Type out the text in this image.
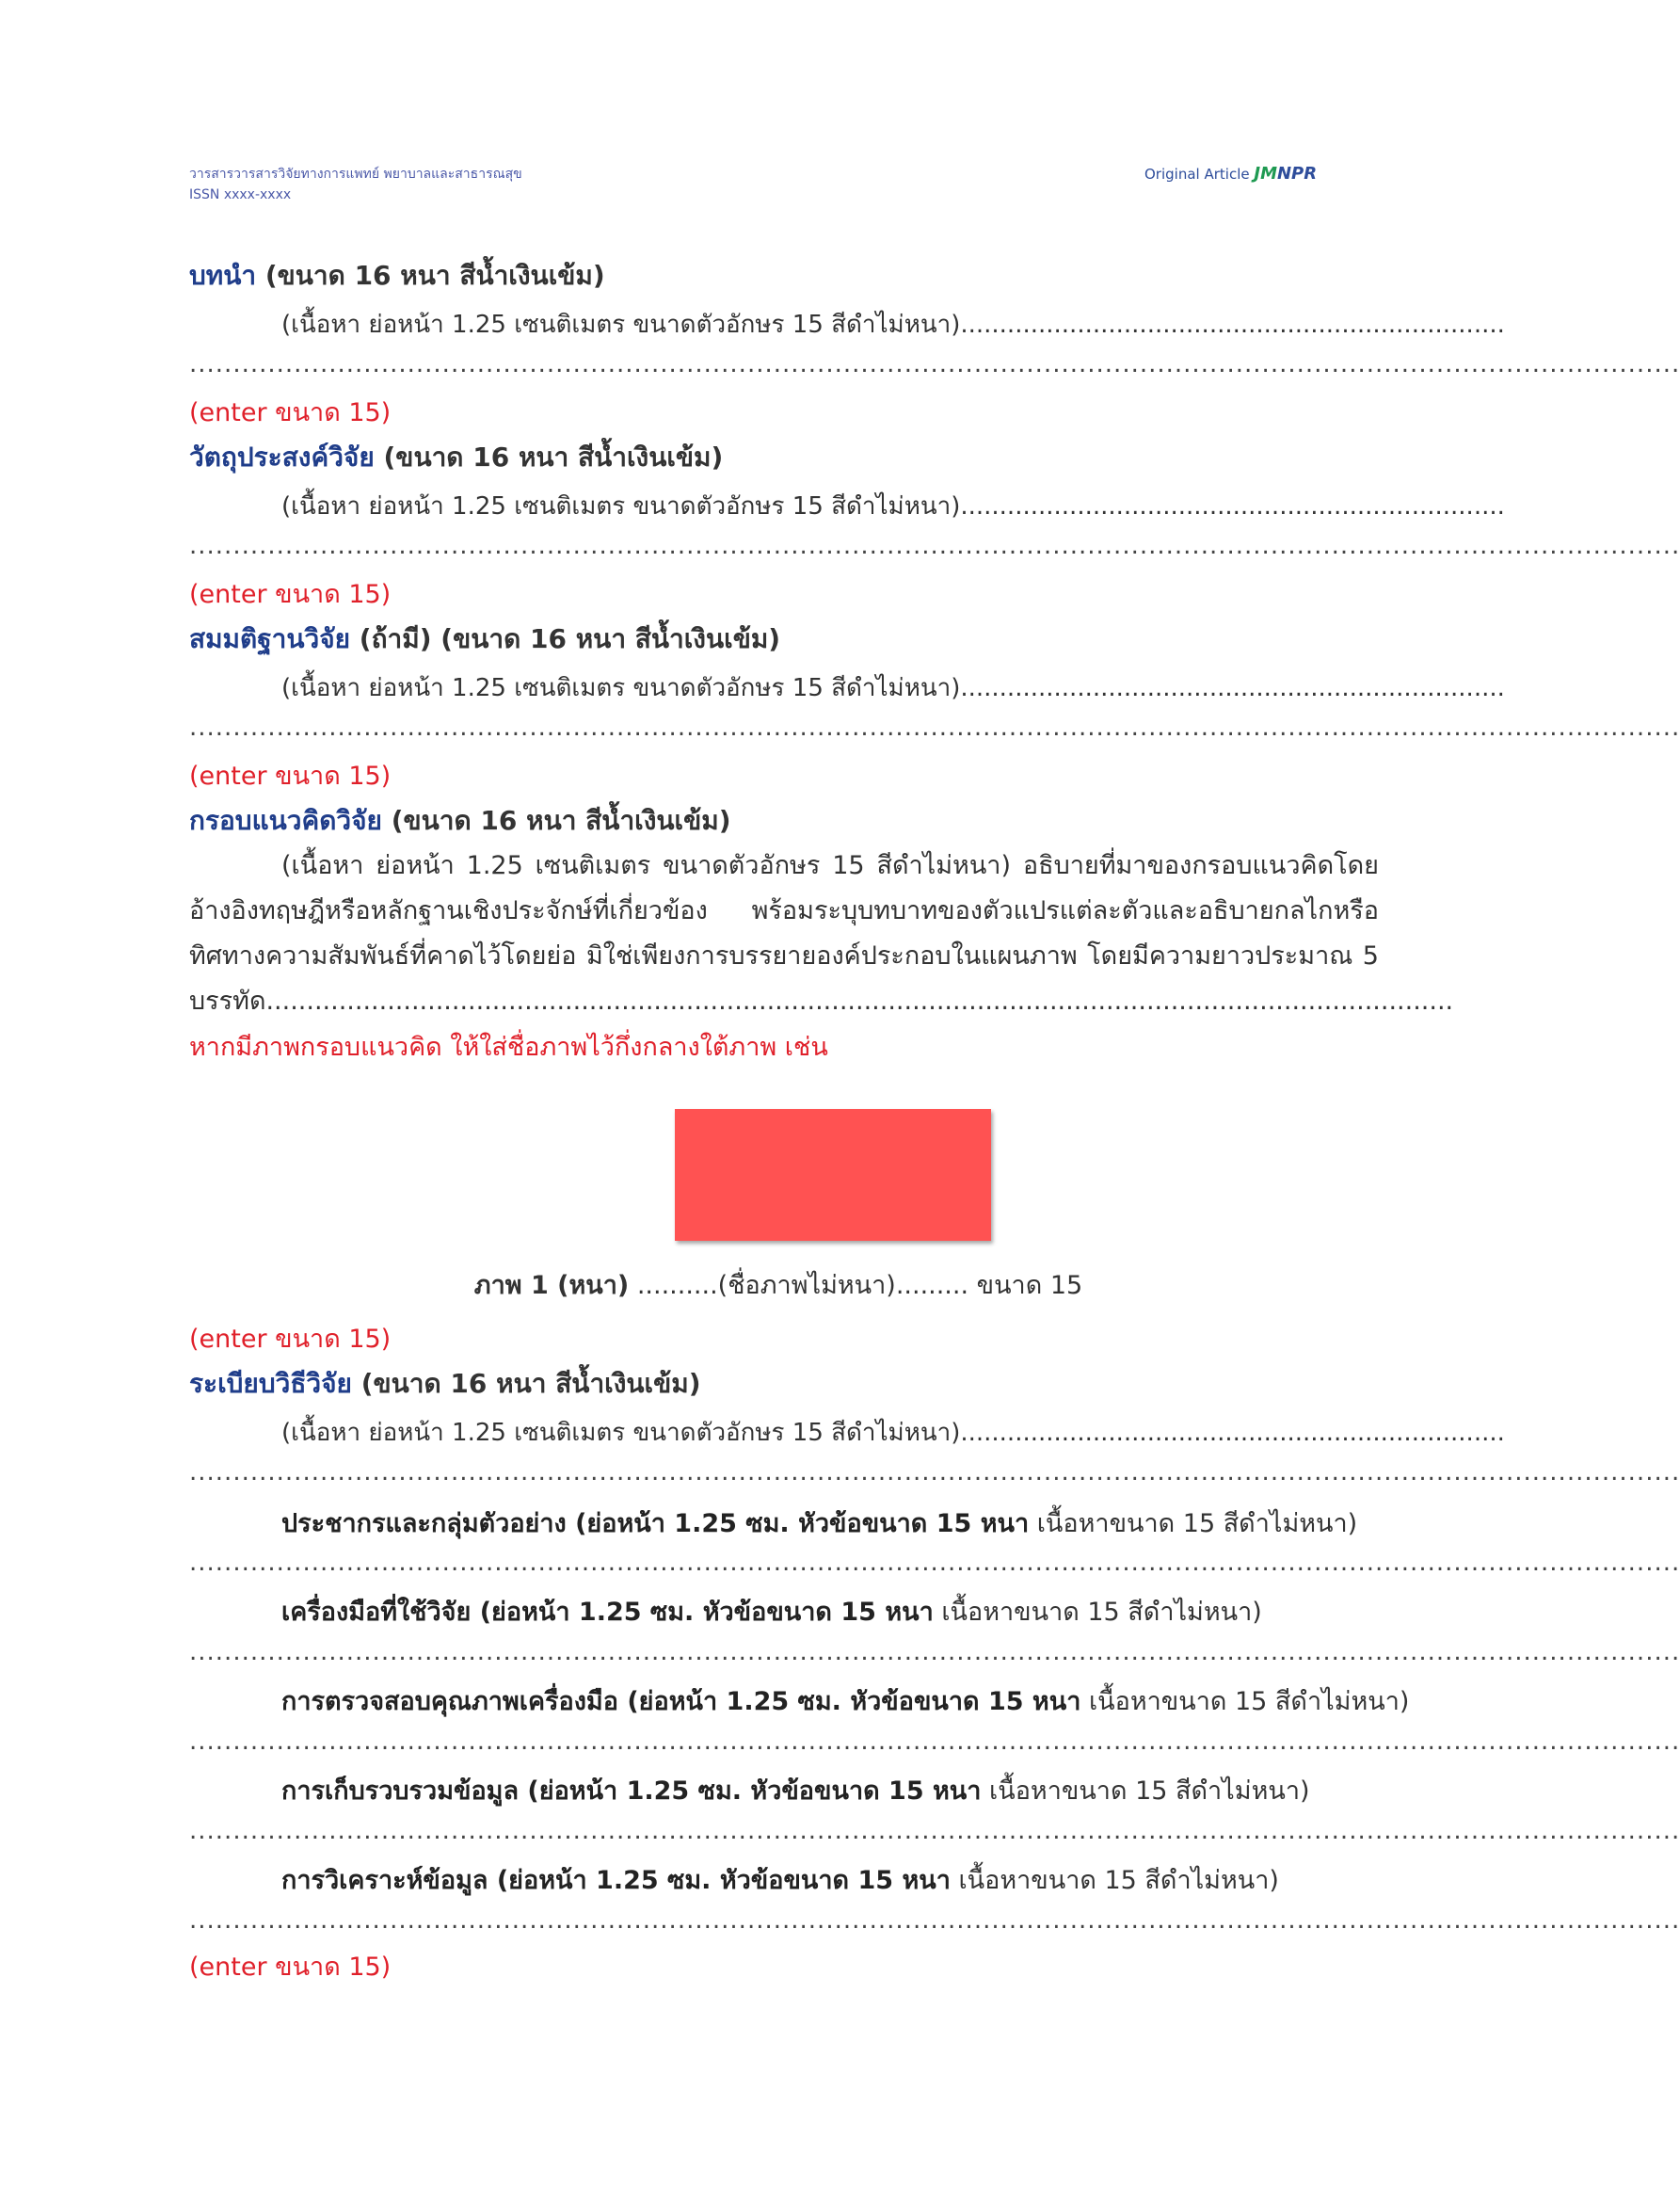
วารสารวารสารวิจัยทางการแพทย์ พยาบาลและสาธารณสุข
ISSN xxxx-xxxx
Original Article JMNPR
บทนำ (ขนาด 16 หนา สีน้ำเงินเข้ม)
(เนื้อหา ย่อหน้า 1.25 เซนติเมตร ขนาดตัวอักษร 15 สีดำไม่หนา)......................................................................
...........................................................................................................................................................................
(enter ขนาด 15)
วัตถุประสงค์วิจัย (ขนาด 16 หนา สีน้ำเงินเข้ม)
(เนื้อหา ย่อหน้า 1.25 เซนติเมตร ขนาดตัวอักษร 15 สีดำไม่หนา)......................................................................
...........................................................................................................................................................................
(enter ขนาด 15)
สมมติฐานวิจัย (ถ้ามี) (ขนาด 16 หนา สีน้ำเงินเข้ม)
(เนื้อหา ย่อหน้า 1.25 เซนติเมตร ขนาดตัวอักษร 15 สีดำไม่หนา)......................................................................
...........................................................................................................................................................................
(enter ขนาด 15)
กรอบแนวคิดวิจัย (ขนาด 16 หนา สีน้ำเงินเข้ม)
(เนื้อหา ย่อหน้า 1.25 เซนติเมตร ขนาดตัวอักษร 15 สีดำไม่หนา) อธิบายที่มาของกรอบแนวคิดโดยอ้างอิงทฤษฎีหรือหลักฐานเชิงประจักษ์ที่เกี่ยวข้อง พร้อมระบุบทบาทของตัวแปรแต่ละตัวและอธิบายกลไกหรือทิศทางความสัมพันธ์ที่คาดไว้โดยย่อ มิใช่เพียงการบรรยายองค์ประกอบในแผนภาพ โดยมีความยาวประมาณ 5 บรรทัด...................................................................................................................................................
หากมีภาพกรอบแนวคิด ให้ใส่ชื่อภาพไว้กึ่งกลางใต้ภาพ เช่น
ภาพ 1 (หนา) ..........(ชื่อภาพไม่หนา)......... ขนาด 15
(enter ขนาด 15)
ระเบียบวิธีวิจัย (ขนาด 16 หนา สีน้ำเงินเข้ม)
(เนื้อหา ย่อหน้า 1.25 เซนติเมตร ขนาดตัวอักษร 15 สีดำไม่หนา)......................................................................
...........................................................................................................................................................................
ประชากรและกลุ่มตัวอย่าง (ย่อหน้า 1.25 ซม. หัวข้อขนาด 15 หนา เนื้อหาขนาด 15 สีดำไม่หนา)
...........................................................................................................................................................................
เครื่องมือที่ใช้วิจัย (ย่อหน้า 1.25 ซม. หัวข้อขนาด 15 หนา เนื้อหาขนาด 15 สีดำไม่หนา)
...........................................................................................................................................................................
การตรวจสอบคุณภาพเครื่องมือ (ย่อหน้า 1.25 ซม. หัวข้อขนาด 15 หนา เนื้อหาขนาด 15 สีดำไม่หนา)
...........................................................................................................................................................................
การเก็บรวบรวมข้อมูล (ย่อหน้า 1.25 ซม. หัวข้อขนาด 15 หนา เนื้อหาขนาด 15 สีดำไม่หนา)
...........................................................................................................................................................................
การวิเคราะห์ข้อมูล (ย่อหน้า 1.25 ซม. หัวข้อขนาด 15 หนา เนื้อหาขนาด 15 สีดำไม่หนา)
...........................................................................................................................................................................
(enter ขนาด 15)
